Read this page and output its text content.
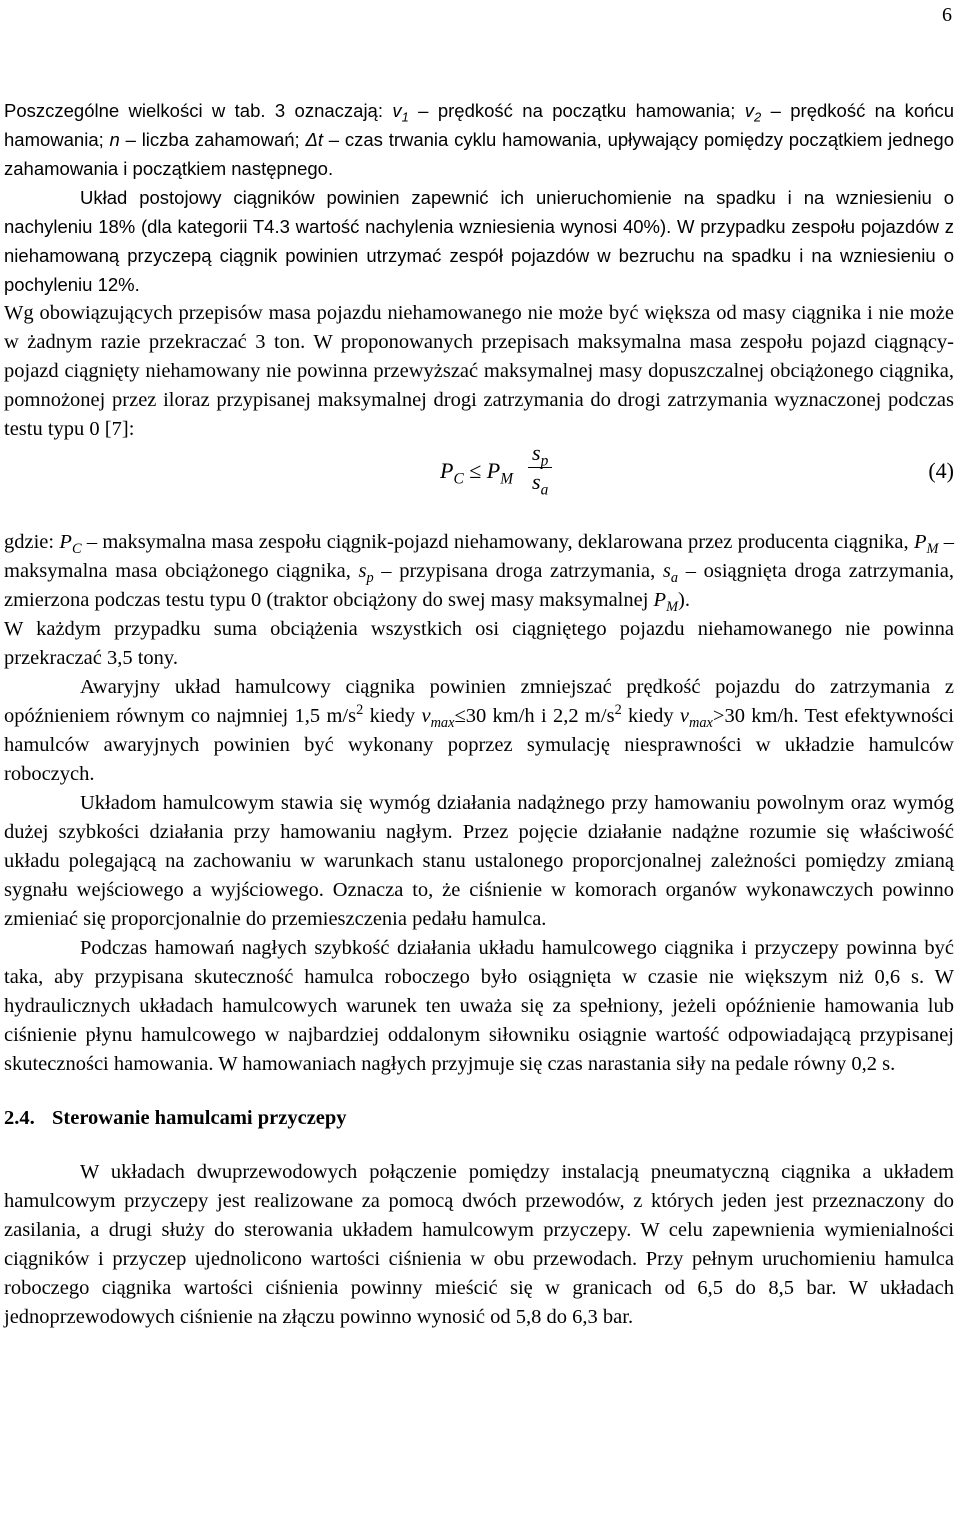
6

Poszczególne wielkości w tab. 3 oznaczają: $v_1$ – prędkość na początku hamowania; $v_2$ – prędkość na końcu hamowania; n – liczba zahamowań; Δt – czas trwania cyklu hamowania, upływający pomiędzy początkiem jednego zahamowania i początkiem następnego.

Układ postojowy ciągników powinien zapewnić ich unieruchomienie na spadku i na wzniesieniu o nachyleniu 18% (dla kategorii T4.3 wartość nachylenia wzniesienia wynosi 40%). W przypadku zespołu pojazdów z niehamowaną przyczepą ciągnik powinien utrzymać zespół pojazdów w bezruchu na spadku i na wzniesieniu o pochyleniu 12%.

Wg obowiązujących przepisów masa pojazdu niehamowanego nie może być większa od masy ciągnika i nie może w żadnym razie przekraczać 3 ton. W proponowanych przepisach maksymalna masa zespołu pojazd ciągnący-pojazd ciągnięty niehamowany nie powinna przewyższać maksymalnej masy dopuszczalnej obciążonego ciągnika, pomnożonej przez iloraz przypisanej maksymalnej drogi zatrzymania do drogi zatrzymania wyznaczonej podczas testu typu 0 [7]:

$P_C \le P_M$
$s_p$
$s_a$
(4)

gdzie: $P_C$ – maksymalna masa zespołu ciągnik-pojazd niehamowany, deklarowana przez producenta ciągnika, $P_M$ – maksymalna masa obciążonego ciągnika, $s_p$ – przypisana droga zatrzymania, $s_a$ – osiągnięta droga zatrzymania, zmierzona podczas testu typu 0 (traktor obciążony do swej masy maksymalnej $P_M$).

W każdym przypadku suma obciążenia wszystkich osi ciągniętego pojazdu niehamowanego nie powinna przekraczać 3,5 tony.

Awaryjny układ hamulcowy ciągnika powinien zmniejszać prędkość pojazdu do zatrzymania z opóźnieniem równym co najmniej 1,5 $m/s^2$ kiedy $v_{max}\le 30$ km/h i 2,2 $m/s^2$ kiedy $v_{max}>30$ km/h. Test efektywności hamulców awaryjnych powinien być wykonany poprzez symulację niesprawności w układzie hamulców roboczych.

Układom hamulcowym stawia się wymóg działania nadążnego przy hamowaniu powolnym oraz wymóg dużej szybkości działania przy hamowaniu nagłym. Przez pojęcie działanie nadążne rozumie się właściwość układu polegającą na zachowaniu w warunkach stanu ustalonego proporcjonalnej zależności pomiędzy zmianą sygnału wejściowego a wyjściowego. Oznacza to, że ciśnienie w komorach organów wykonawczych powinno zmieniać się proporcjonalnie do przemieszczenia pedału hamulca.

Podczas hamowań nagłych szybkość działania układu hamulcowego ciągnika i przyczepy powinna być taka, aby przypisana skuteczność hamulca roboczego było osiągnięta w czasie nie większym niż 0,6 s. W hydraulicznych układach hamulcowych warunek ten uważa się za spełniony, jeżeli opóźnienie hamowania lub ciśnienie płynu hamulcowego w najbardziej oddalonym siłowniku osiągnie wartość odpowiadającą przypisanej skuteczności hamowania. W hamowaniach nagłych przyjmuje się czas narastania siły na pedale równy 0,2 s.

2.4. Sterowanie hamulcami przyczepy

W układach dwuprzewodowych połączenie pomiędzy instalacją pneumatyczną ciągnika a układem hamulcowym przyczepy jest realizowane za pomocą dwóch przewodów, z których jeden jest przeznaczony do zasilania, a drugi służy do sterowania układem hamulcowym przyczepy. W celu zapewnienia wymienialności ciągników i przyczep ujednolicono wartości ciśnienia w obu przewodach. Przy pełnym uruchomieniu hamulca roboczego ciągnika wartości ciśnienia powinny mieścić się w granicach od 6,5 do 8,5 bar. W układach jednoprzewodowych ciśnienie na złączu powinno wynosić od 5,8 do 6,3 bar.
